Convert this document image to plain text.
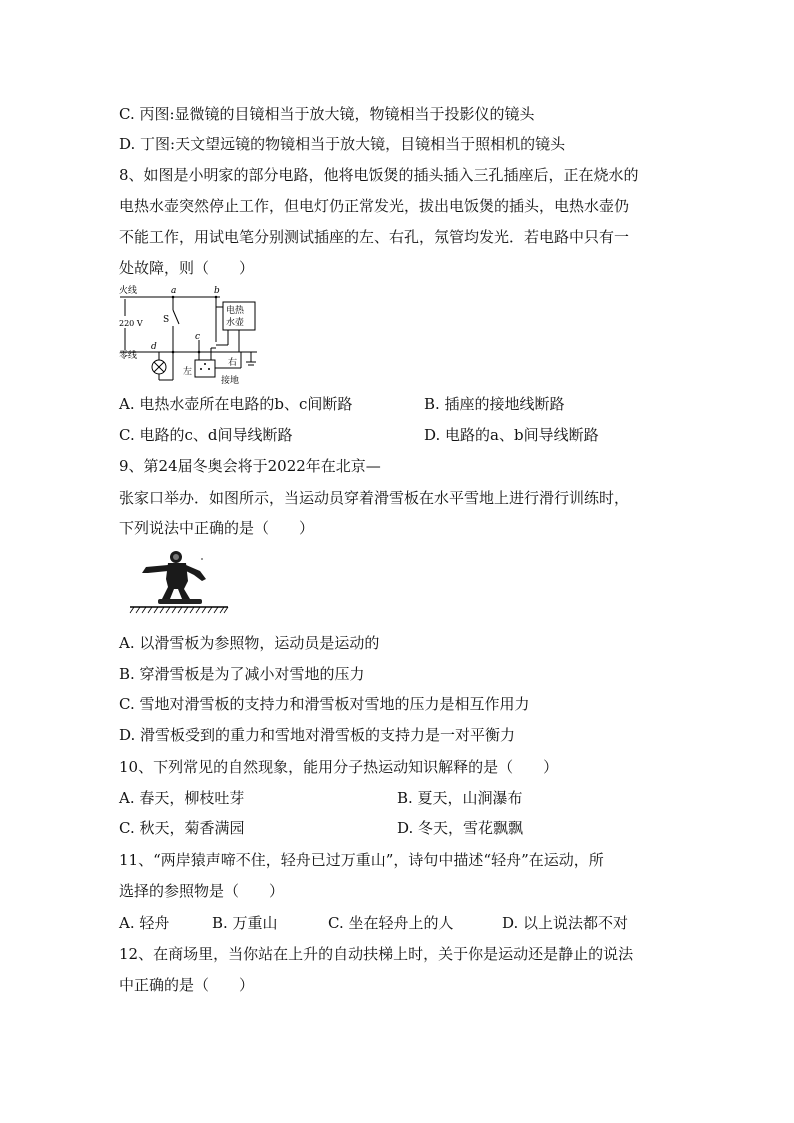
C. 丙图:显微镜的目镜相当于放大镜，物镜相当于投影仪的镜头
D. 丁图:天文望远镜的物镜相当于放大镜，目镜相当于照相机的镜头
8、如图是小明家的部分电路，他将电饭煲的插头插入三孔插座后，正在烧水的
电热水壶突然停止工作，但电灯仍正常发光，拔出电饭煲的插头，电热水壶仍
不能工作，用试电笔分别测试插座的左、右孔，氖管均发光．若电路中只有一
处故障，则（　　）
火线
220 V
零线
a	b
c
d
S
电热
水壶
左
右
接地
A. 电热水壶所在电路的b、c间断路	B. 插座的接地线断路
C. 电路的c、d间导线断路	D. 电路的a、b间导线断路
9、第24届冬奥会将于2022年在北京—
张家口举办．如图所示，当运动员穿着滑雪板在水平雪地上进行滑行训练时，
下列说法中正确的是（　　）
A. 以滑雪板为参照物，运动员是运动的
B. 穿滑雪板是为了减小对雪地的压力
C. 雪地对滑雪板的支持力和滑雪板对雪地的压力是相互作用力
D. 滑雪板受到的重力和雪地对滑雪板的支持力是一对平衡力
10、下列常见的自然现象，能用分子热运动知识解释的是（　　）
A. 春天，柳枝吐芽	B. 夏天，山涧瀑布
C. 秋天，菊香满园	D. 冬天，雪花飘飘
11、“两岸猿声啼不住，轻舟已过万重山”，诗句中描述“轻舟”在运动，所
选择的参照物是（　　）
A. 轻舟	B. 万重山	C. 坐在轻舟上的人	D. 以上说法都不对
12、在商场里，当你站在上升的自动扶梯上时，关于你是运动还是静止的说法
中正确的是（　　）
